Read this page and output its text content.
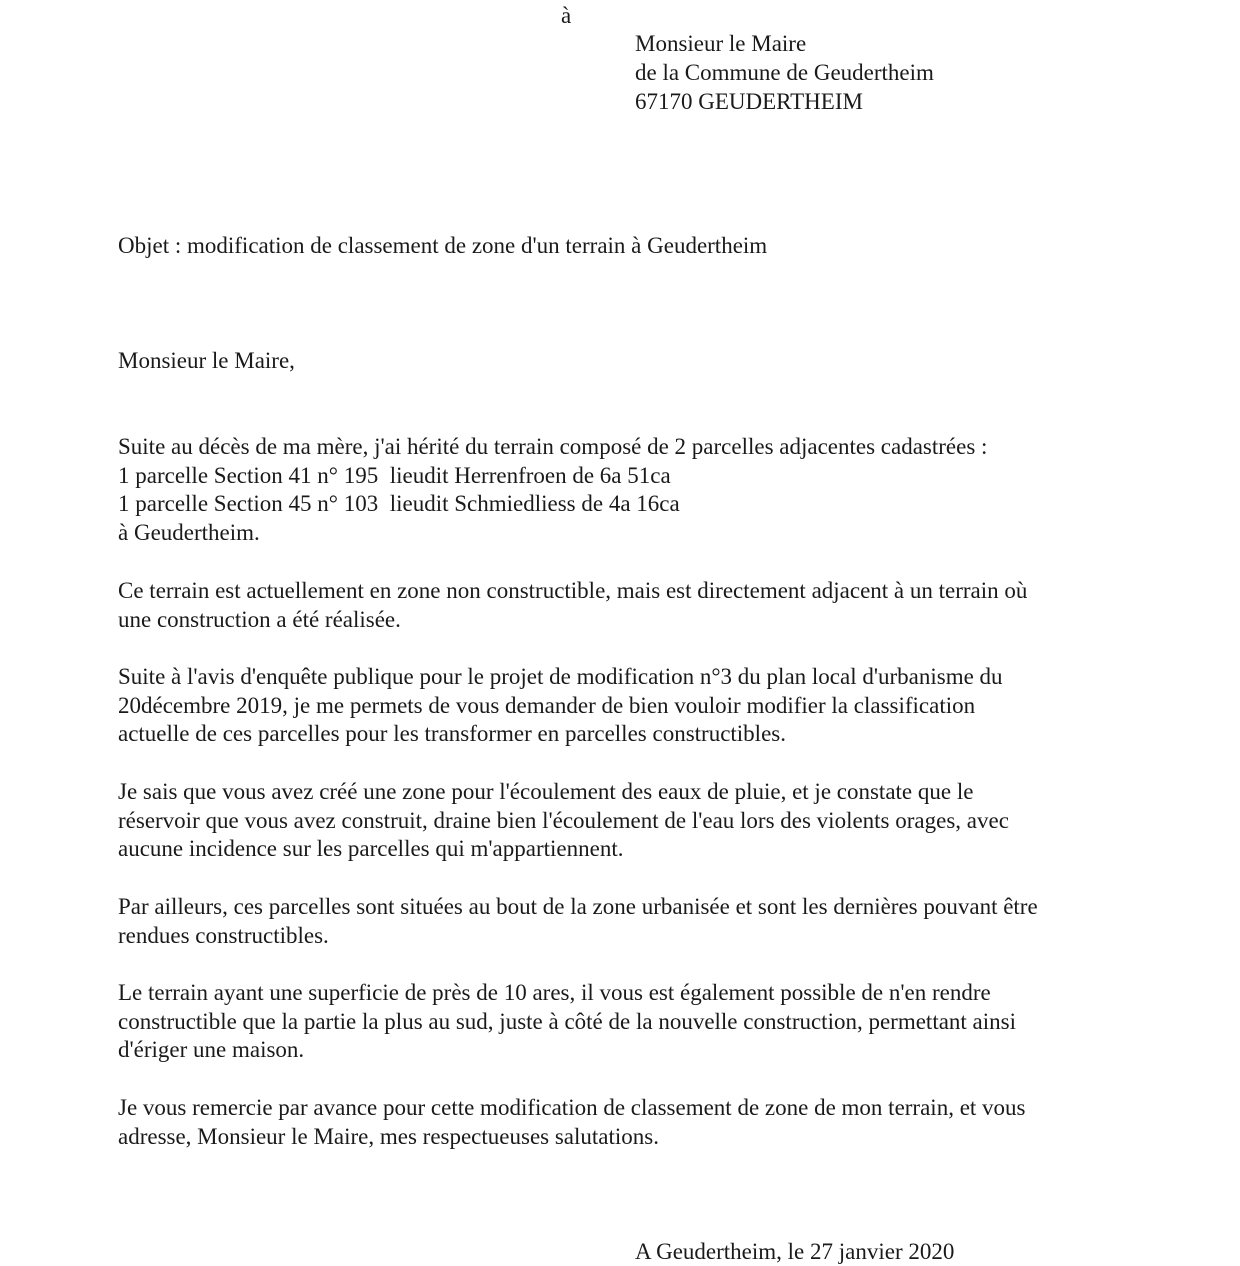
à
Monsieur le Maire
de la Commune de Geudertheim
67170 GEUDERTHEIM
Objet : modification de classement de zone d'un terrain à Geudertheim
Monsieur le Maire,
Suite au décès de ma mère, j'ai hérité du terrain composé de 2 parcelles adjacentes cadastrées :
1 parcelle Section 41 n° 195  lieudit Herrenfroen de 6a 51ca
1 parcelle Section 45 n° 103  lieudit Schmiedliess de 4a 16ca
à Geudertheim.
Ce terrain est actuellement en zone non constructible, mais est directement adjacent à un terrain où
une construction a été réalisée.
Suite à l'avis d'enquête publique pour le projet de modification n°3 du plan local d'urbanisme du
20décembre 2019, je me permets de vous demander de bien vouloir modifier la classification
actuelle de ces parcelles pour les transformer en parcelles constructibles.
Je sais que vous avez créé une zone pour l'écoulement des eaux de pluie, et je constate que le
réservoir que vous avez construit, draine bien l'écoulement de l'eau lors des violents orages, avec
aucune incidence sur les parcelles qui m'appartiennent.
Par ailleurs, ces parcelles sont situées au bout de la zone urbanisée et sont les dernières pouvant être
rendues constructibles.
Le terrain ayant une superficie de près de 10 ares, il vous est également possible de n'en rendre
constructible que la partie la plus au sud, juste à côté de la nouvelle construction, permettant ainsi
d'ériger une maison.
Je vous remercie par avance pour cette modification de classement de zone de mon terrain, et vous
adresse, Monsieur le Maire, mes respectueuses salutations.
A Geudertheim, le 27 janvier 2020
